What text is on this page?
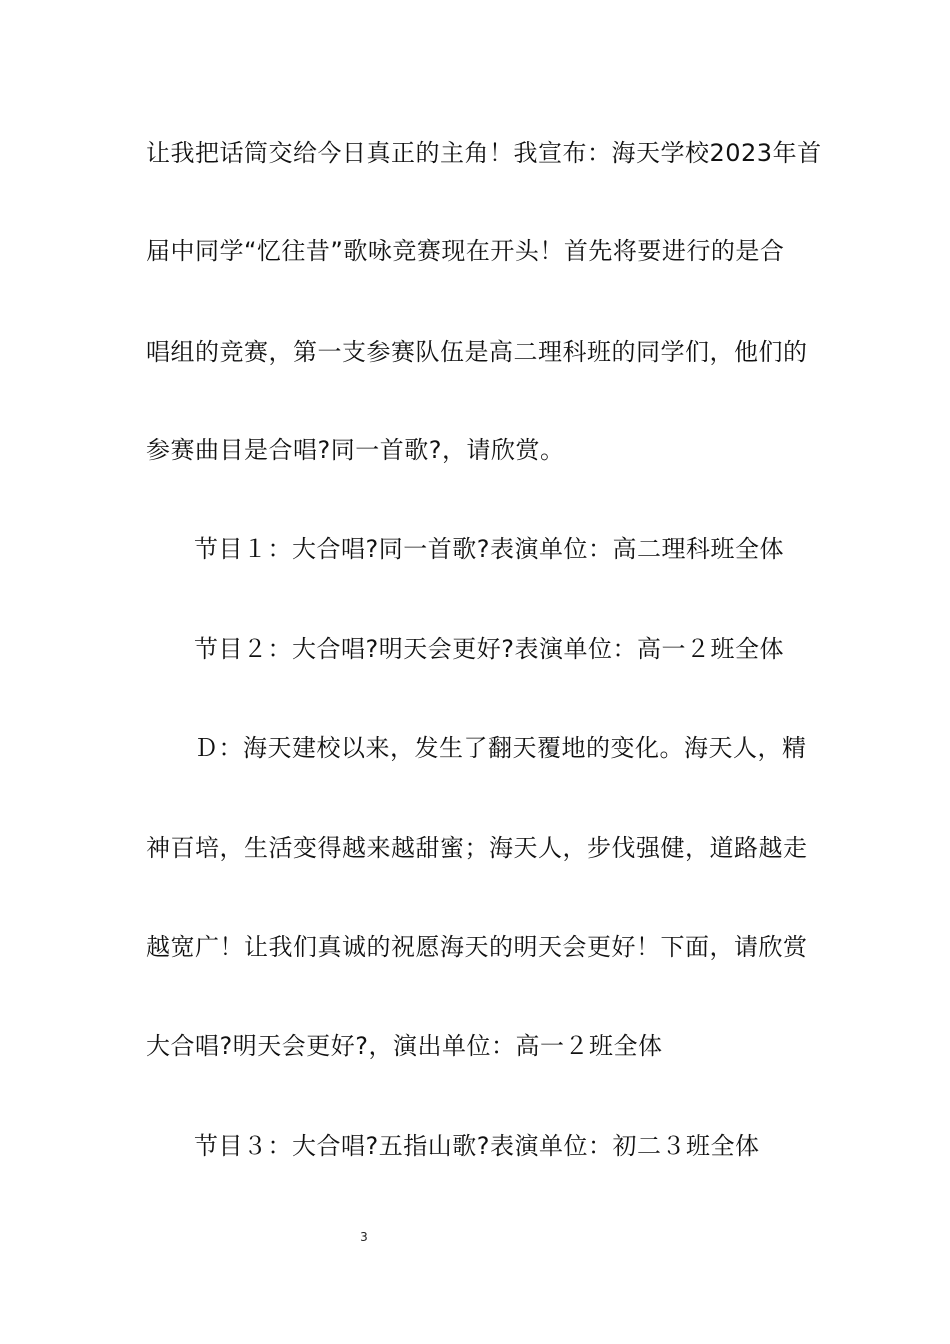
让我把话筒交给今日真正的主角！我宣布：海天学校2023年首
届中同学“忆往昔”歌咏竞赛现在开头！首先将要进行的是合
唱组的竞赛，第一支参赛队伍是高二理科班的同学们，他们的
参赛曲目是合唱?同一首歌?，请欣赏。
节目１：大合唱?同一首歌?表演单位：高二理科班全体
节目２：大合唱?明天会更好?表演单位：高一２班全体
Ｄ：海天建校以来，发生了翻天覆地的变化。海天人，精
神百培，生活变得越来越甜蜜；海天人，步伐强健，道路越走
越宽广！让我们真诚的祝愿海天的明天会更好！下面，请欣赏
大合唱?明天会更好?，演出单位：高一２班全体
节目３：大合唱?五指山歌?表演单位：初二３班全体
3
